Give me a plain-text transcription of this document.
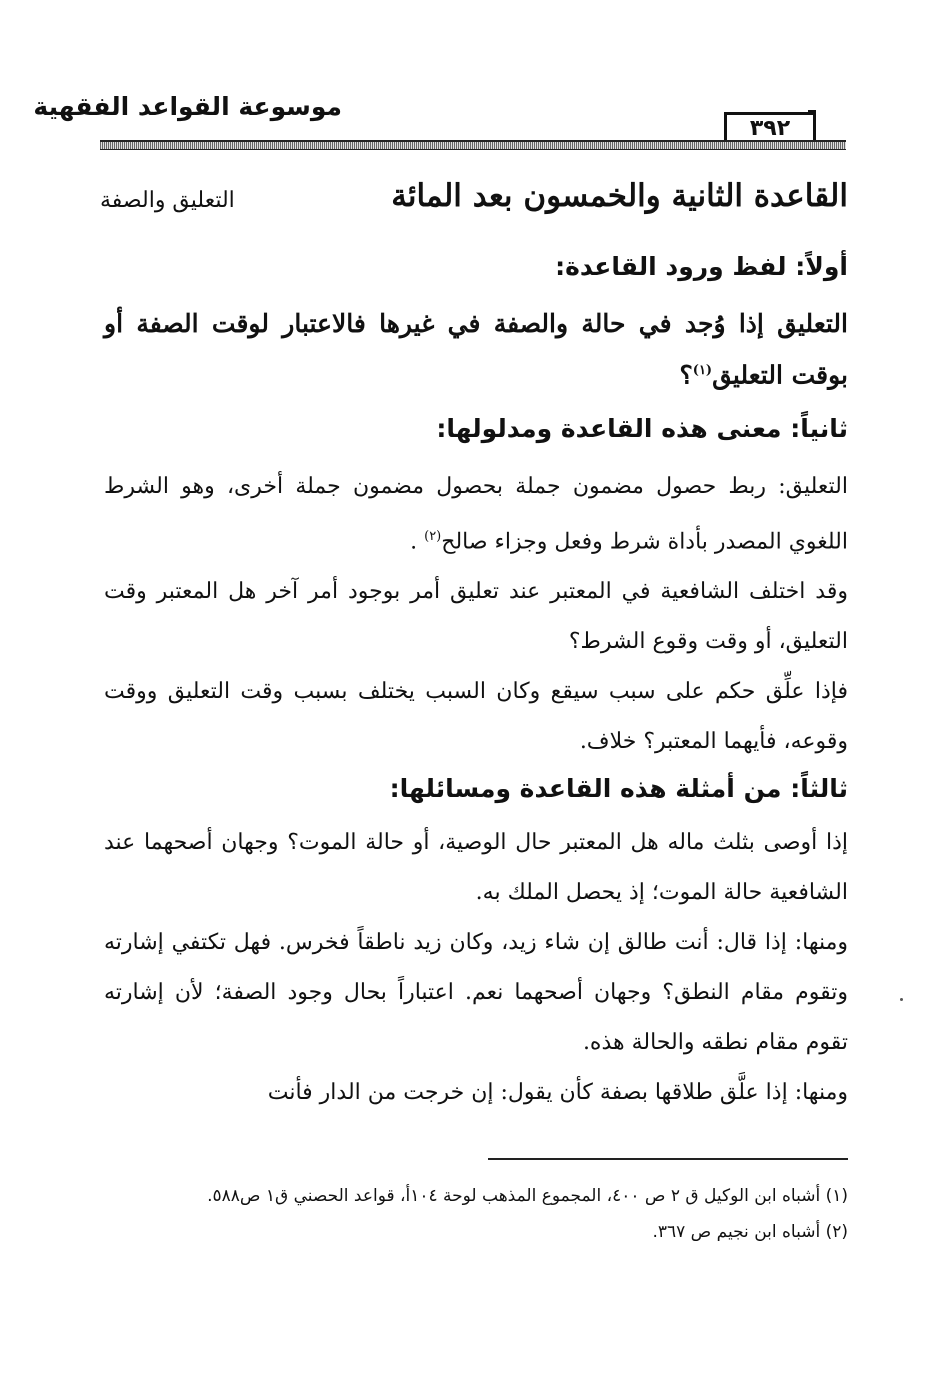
موسوعة القواعد الفقهية
٣٩٢
القاعدة الثانية والخمسون بعد المائة
التعليق والصفة
أولاً: لفظ ورود القاعدة:
التعليق إذا وُجد في حالة والصفة في غيرها فالاعتبار لوقت الصفة أو بوقت التعليق$^{(١)}$؟
ثانياً: معنى هذه القاعدة ومدلولها:

التعليق: ربط حصول مضمون جملة بحصول مضمون جملة أخرى، وهو الشرط اللغوي المصدر بأداة شرط وفعل وجزاء صالح$^{(٢)}$ .

وقد اختلف الشافعية في المعتبر عند تعليق أمر بوجود أمر آخر هل المعتبر وقت التعليق، أو وقت وقوع الشرط؟

فإذا علِّق حكم على سبب سيقع وكان السبب يختلف بسبب وقت التعليق ووقت وقوعه، فأيهما المعتبر؟ خلاف.

ثالثاً: من أمثلة هذه القاعدة ومسائلها:

إذا أوصى بثلث ماله هل المعتبر حال الوصية، أو حالة الموت؟ وجهان أصحهما عند الشافعية حالة الموت؛ إذ يحصل الملك به.

ومنها: إذا قال: أنت طالق إن شاء زيد، وكان زيد ناطقاً فخرس. فهل تكتفي إشارته وتقوم مقام النطق؟ وجهان أصحهما نعم. اعتباراً بحال وجود الصفة؛ لأن إشارته تقوم مقام نطقه والحالة هذه.

ومنها: إذا علَّق طلاقها بصفة كأن يقول: إن خرجت من الدار فأنت

(١) أشباه ابن الوكيل ق ٢ ص ٤٠٠، المجموع المذهب لوحة ١٠٤أ، قواعد الحصني ق١ ص٥٨٨.

(٢) أشباه ابن نجيم ص ٣٦٧.
